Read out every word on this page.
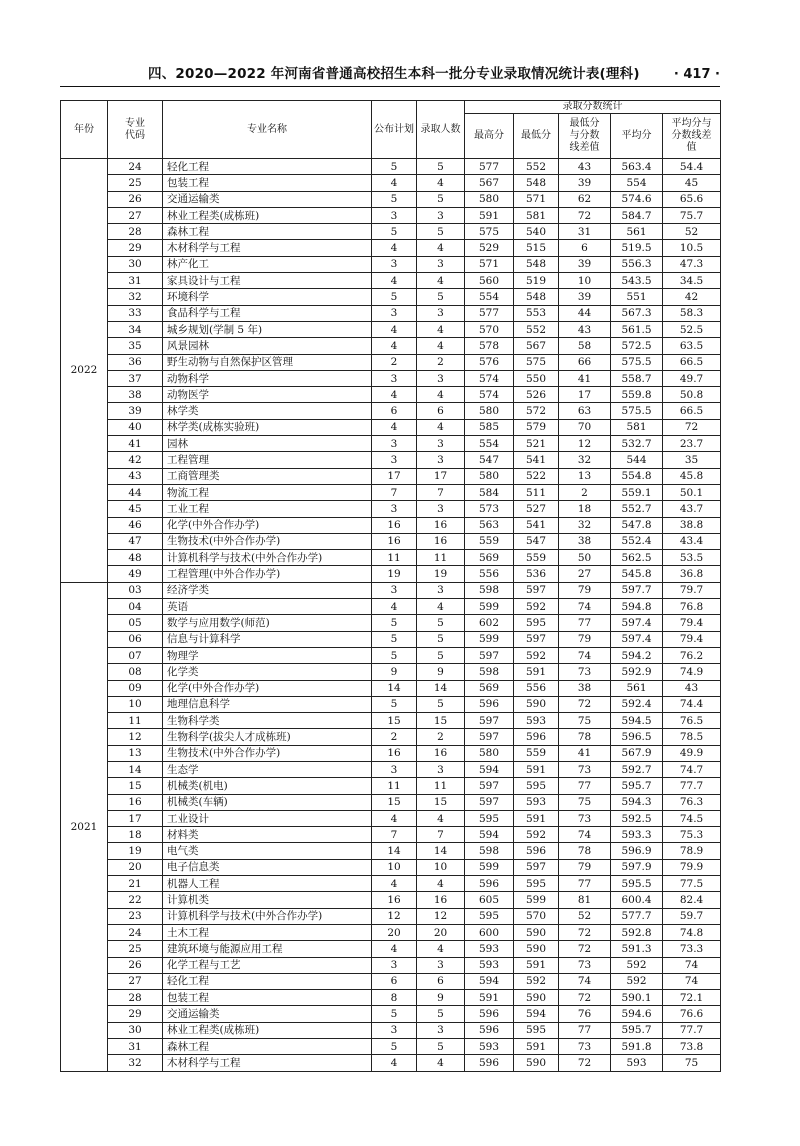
四、2020—2022 年河南省普通高校招生本科一批分专业录取情况统计表(理科)	· 417 ·
年份	专业代码	专业名称	公布计划	录取人数	录取分数统计				
					最高分	最低分	最低分与分数线差值	平均分	平均分与分数线差值
2022	24	轻化工程	5	5	577	552	43	563.4	54.4
	25	包装工程	4	4	567	548	39	554	45
	26	交通运输类	5	5	580	571	62	574.6	65.6
	27	林业工程类(成栋班)	3	3	591	581	72	584.7	75.7
	28	森林工程	5	5	575	540	31	561	52
	29	木材科学与工程	4	4	529	515	6	519.5	10.5
	30	林产化工	3	3	571	548	39	556.3	47.3
	31	家具设计与工程	4	4	560	519	10	543.5	34.5
	32	环境科学	5	5	554	548	39	551	42
	33	食品科学与工程	3	3	577	553	44	567.3	58.3
	34	城乡规划(学制 5 年)	4	4	570	552	43	561.5	52.5
	35	风景园林	4	4	578	567	58	572.5	63.5
	36	野生动物与自然保护区管理	2	2	576	575	66	575.5	66.5
	37	动物科学	3	3	574	550	41	558.7	49.7
	38	动物医学	4	4	574	526	17	559.8	50.8
	39	林学类	6	6	580	572	63	575.5	66.5
	40	林学类(成栋实验班)	4	4	585	579	70	581	72
	41	园林	3	3	554	521	12	532.7	23.7
	42	工程管理	3	3	547	541	32	544	35
	43	工商管理类	17	17	580	522	13	554.8	45.8
	44	物流工程	7	7	584	511	2	559.1	50.1
	45	工业工程	3	3	573	527	18	552.7	43.7
	46	化学(中外合作办学)	16	16	563	541	32	547.8	38.8
	47	生物技术(中外合作办学)	16	16	559	547	38	552.4	43.4
	48	计算机科学与技术(中外合作办学)	11	11	569	559	50	562.5	53.5
	49	工程管理(中外合作办学)	19	19	556	536	27	545.8	36.8
2021	03	经济学类	3	3	598	597	79	597.7	79.7
	04	英语	4	4	599	592	74	594.8	76.8
	05	数学与应用数学(师范)	5	5	602	595	77	597.4	79.4
	06	信息与计算科学	5	5	599	597	79	597.4	79.4
	07	物理学	5	5	597	592	74	594.2	76.2
	08	化学类	9	9	598	591	73	592.9	74.9
	09	化学(中外合作办学)	14	14	569	556	38	561	43
	10	地理信息科学	5	5	596	590	72	592.4	74.4
	11	生物科学类	15	15	597	593	75	594.5	76.5
	12	生物科学(拔尖人才成栋班)	2	2	597	596	78	596.5	78.5
	13	生物技术(中外合作办学)	16	16	580	559	41	567.9	49.9
	14	生态学	3	3	594	591	73	592.7	74.7
	15	机械类(机电)	11	11	597	595	77	595.7	77.7
	16	机械类(车辆)	15	15	597	593	75	594.3	76.3
	17	工业设计	4	4	595	591	73	592.5	74.5
	18	材料类	7	7	594	592	74	593.3	75.3
	19	电气类	14	14	598	596	78	596.9	78.9
	20	电子信息类	10	10	599	597	79	597.9	79.9
	21	机器人工程	4	4	596	595	77	595.5	77.5
	22	计算机类	16	16	605	599	81	600.4	82.4
	23	计算机科学与技术(中外合作办学)	12	12	595	570	52	577.7	59.7
	24	土木工程	20	20	600	590	72	592.8	74.8
	25	建筑环境与能源应用工程	4	4	593	590	72	591.3	73.3
	26	化学工程与工艺	3	3	593	591	73	592	74
	27	轻化工程	6	6	594	592	74	592	74
	28	包装工程	8	9	591	590	72	590.1	72.1
	29	交通运输类	5	5	596	594	76	594.6	76.6
	30	林业工程类(成栋班)	3	3	596	595	77	595.7	77.7
	31	森林工程	5	5	593	591	73	591.8	73.8
	32	木材科学与工程	4	4	596	590	72	593	75
